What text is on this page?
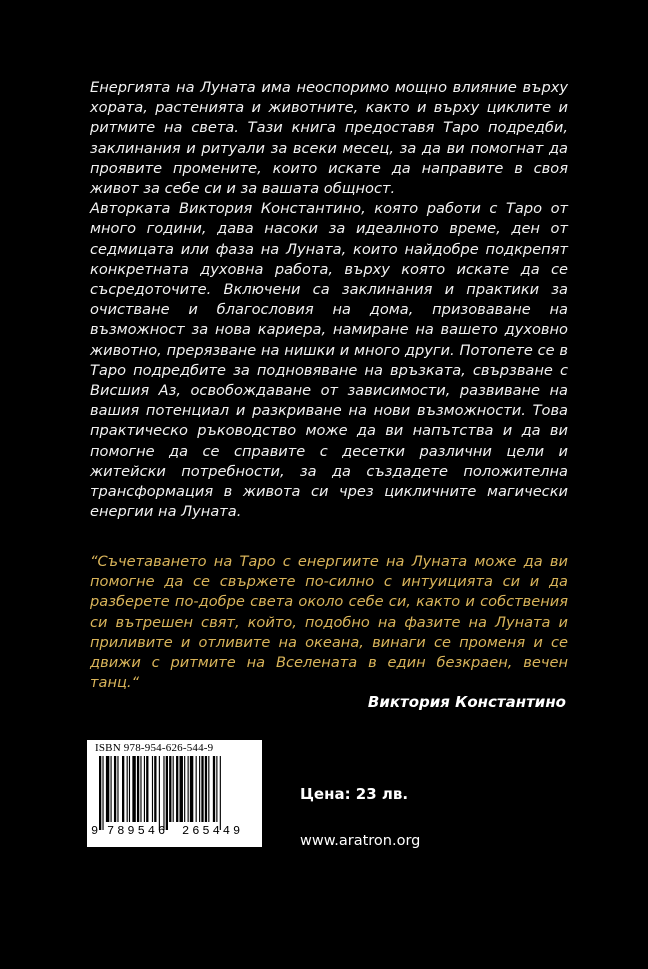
Енергията на Луната има неоспоримо мощно влияние върху хората, растенията и животните, както и върху циклите и ритмите на света. Тази книга предоставя Таро подредби, заклинания и ритуали за всеки месец, за да ви помогнат да проявите промените, които искате да направите в своя живот за себе си и за вашата общност.

Авторката Виктория Константино, която работи с Таро от много години, дава насоки за идеалното време, ден от седмицата или фаза на Луната, които найдобре подкрепят конкретната духовна работа, върху която искате да се съсредоточите. Включени са заклинания и практики за очистване и благословия на дома, призоваване на възможност за нова кариера, намиране на вашето духовно животно, прерязване на нишки и много други. Потопете се в Таро подредбите за подновяване на връзката, свързване с Висшия Аз, освобождаване от зависимости, развиване на вашия потенциал и разкриване на нови възможности. Това практическо ръководство може да ви напътства и да ви помогне да се справите с десетки различни цели и житейски потребности, за да създадете положителна трансформация в живота си чрез цикличните магически енергии на Луната.

“Съчетаването на Таро с енергиите на Луната може да ви помогне да се свържете по-силно с интуицията си и да разберете по-добре света около себе си, както и собствения си вътрешен свят, който, подобно на фазите на Луната и приливите и отливите на океана, винаги се променя и се движи с ритмите на Вселената в един безкраен, вечен танц.“
Виктория Константино
ISBN 978-954-626-544-9
9 789546 265449
Цена: 23 лв.
www.aratron.org
